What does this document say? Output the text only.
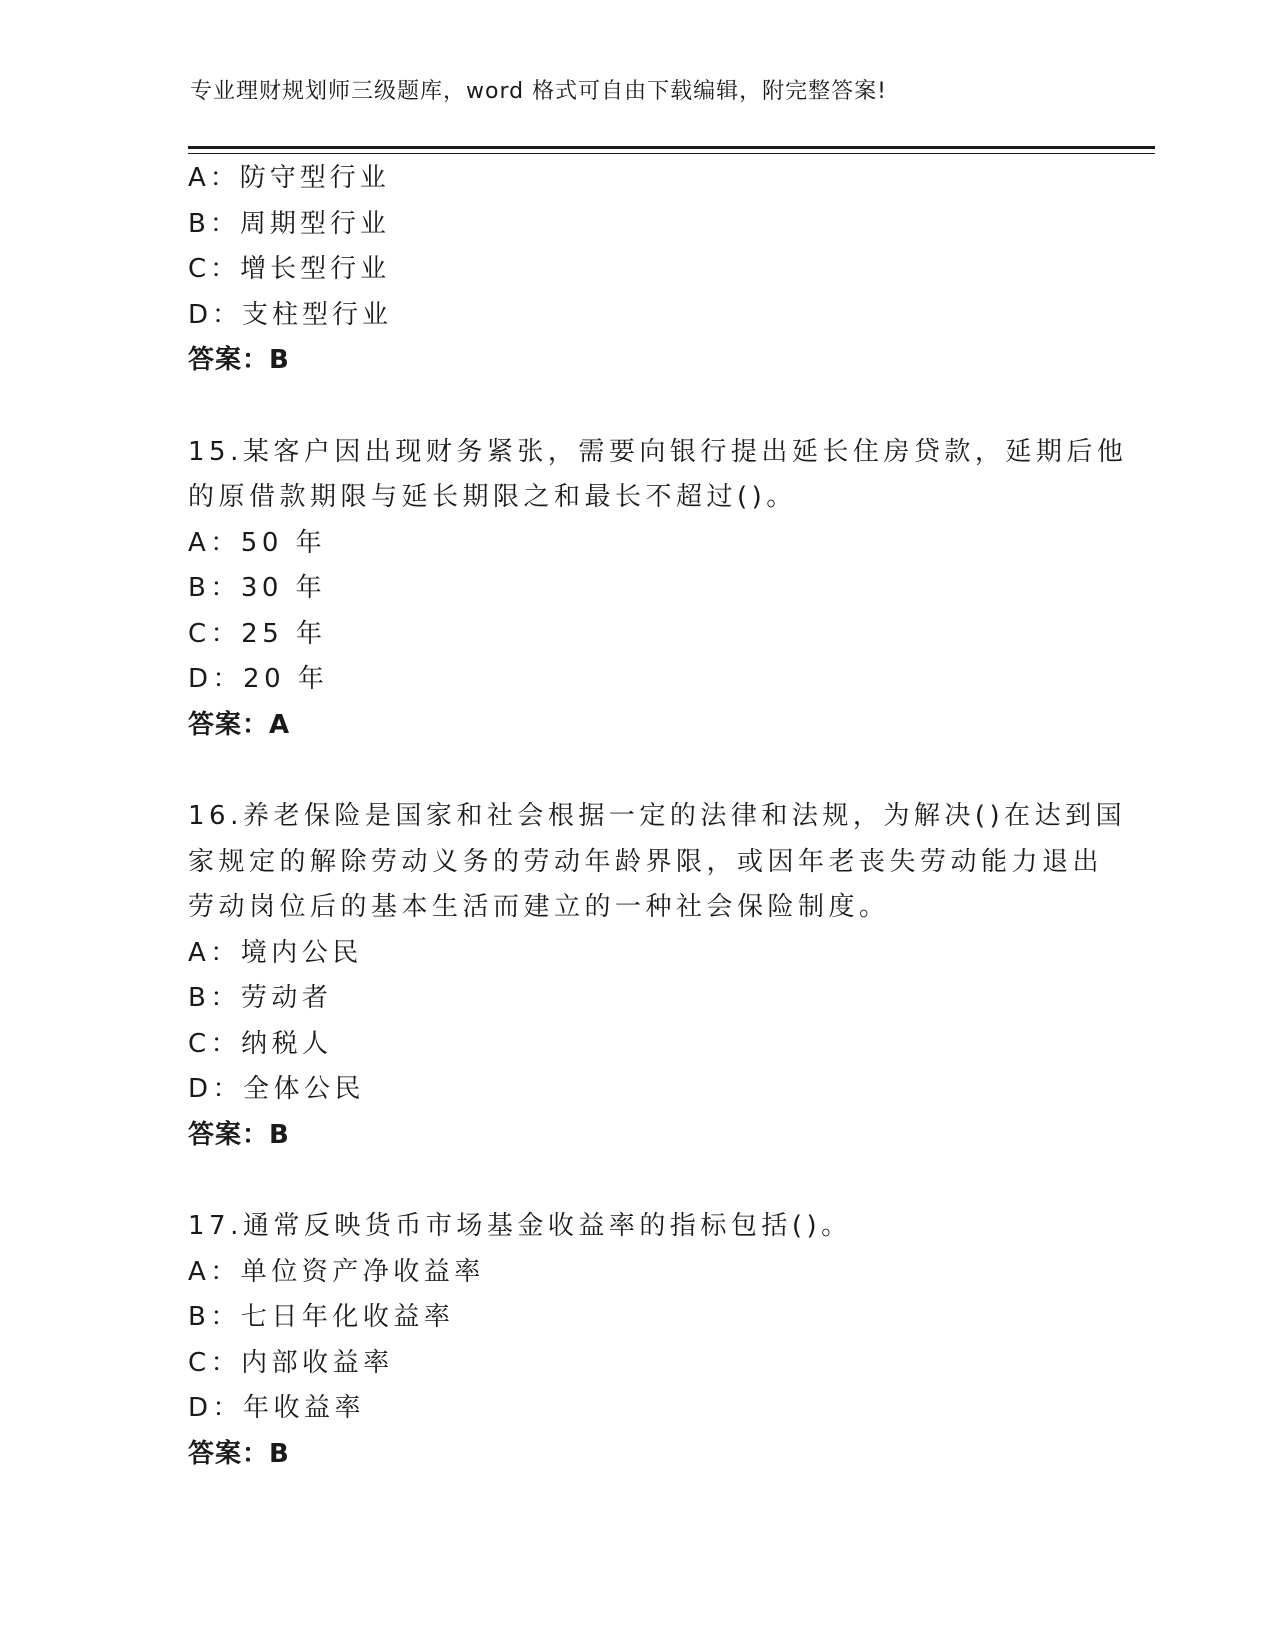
专业理财规划师三级题库，word 格式可自由下载编辑，附完整答案!
A：防守型行业
B：周期型行业
C：增长型行业
D：支柱型行业
答案：B
15.某客户因出现财务紧张，需要向银行提出延长住房贷款，延期后他
的原借款期限与延长期限之和最长不超过()。
A：50 年
B：30 年
C：25 年
D：20 年
答案：A
16.养老保险是国家和社会根据一定的法律和法规，为解决()在达到国
家规定的解除劳动义务的劳动年龄界限，或因年老丧失劳动能力退出
劳动岗位后的基本生活而建立的一种社会保险制度。
A：境内公民
B：劳动者
C：纳税人
D：全体公民
答案：B
17.通常反映货币市场基金收益率的指标包括()。
A：单位资产净收益率
B：七日年化收益率
C：内部收益率
D：年收益率
答案：B
